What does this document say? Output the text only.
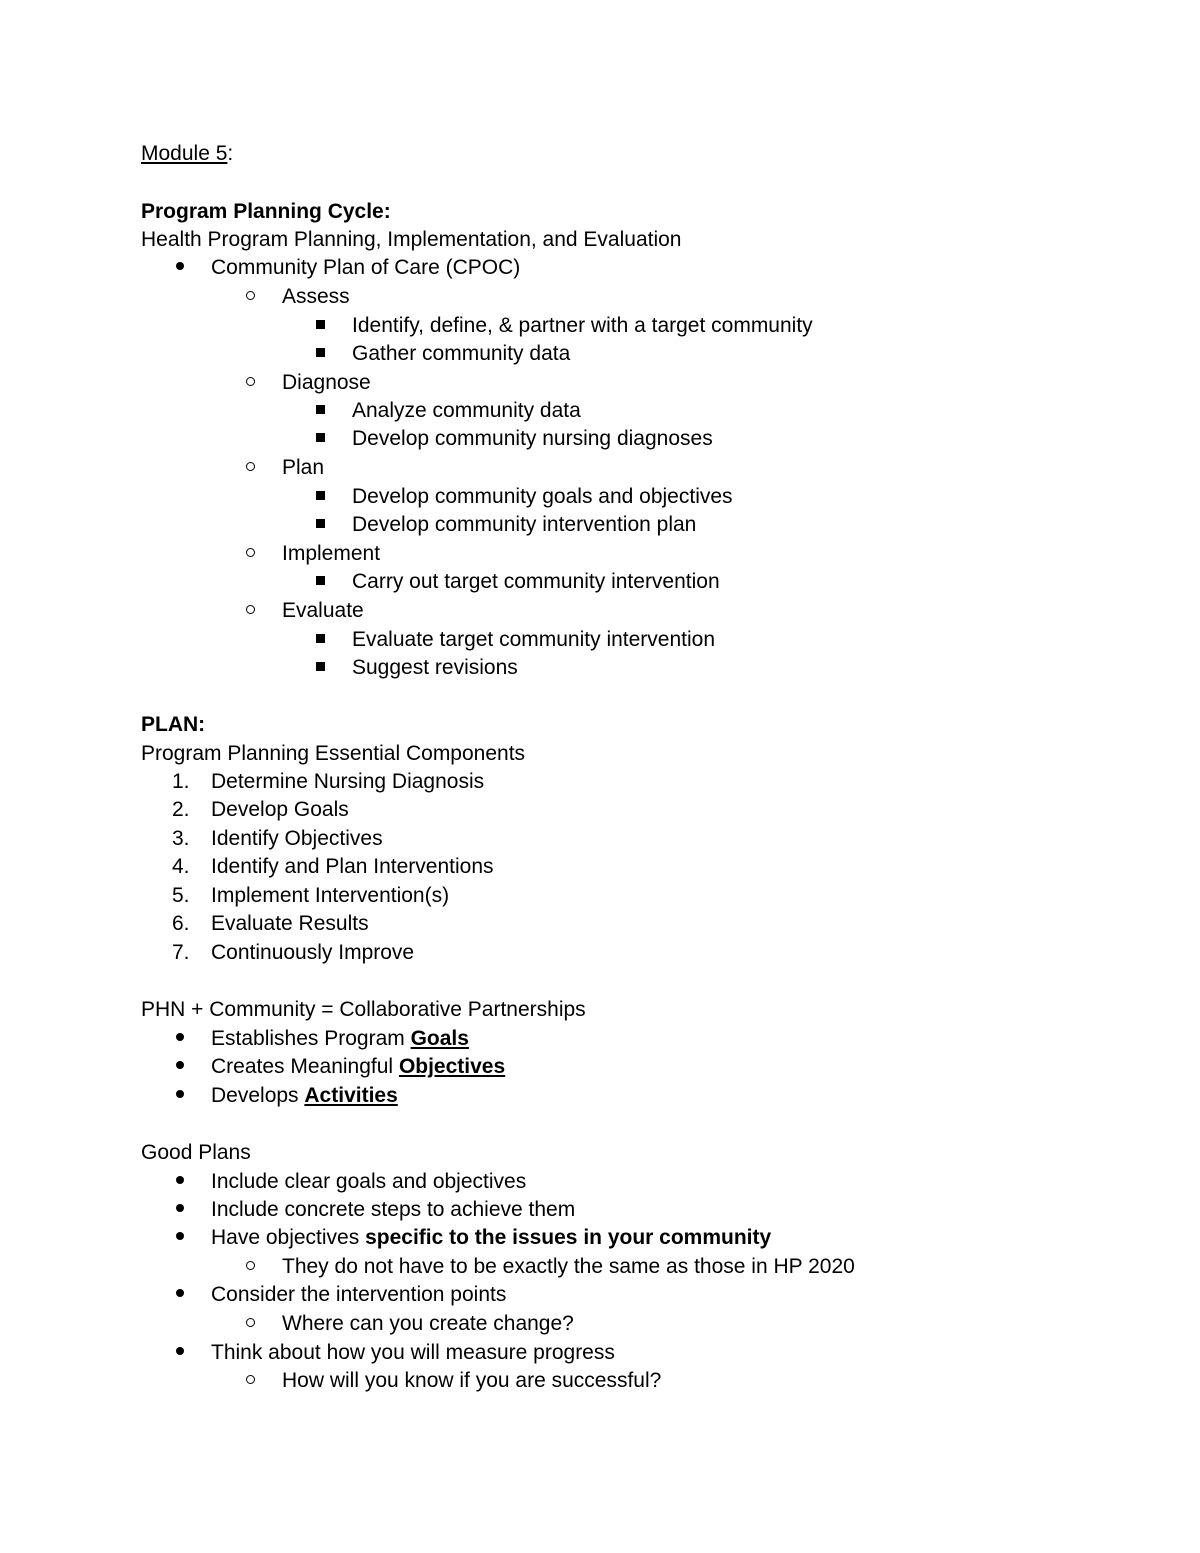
Module 5:
Program Planning Cycle:
Health Program Planning, Implementation, and Evaluation
Community Plan of Care (CPOC)
Assess
Identify, define, & partner with a target community
Gather community data
Diagnose
Analyze community data
Develop community nursing diagnoses
Plan
Develop community goals and objectives
Develop community intervention plan
Implement
Carry out target community intervention
Evaluate
Evaluate target community intervention
Suggest revisions
PLAN:
Program Planning Essential Components
1.	Determine Nursing Diagnosis
2.	Develop Goals
3.	Identify Objectives
4.	Identify and Plan Interventions
5.	Implement Intervention(s)
6.	Evaluate Results
7.	Continuously Improve
PHN + Community = Collaborative Partnerships
Establishes Program Goals
Creates Meaningful Objectives
Develops Activities
Good Plans
Include clear goals and objectives
Include concrete steps to achieve them
Have objectives specific to the issues in your community
They do not have to be exactly the same as those in HP 2020
Consider the intervention points
Where can you create change?
Think about how you will measure progress
How will you know if you are successful?
